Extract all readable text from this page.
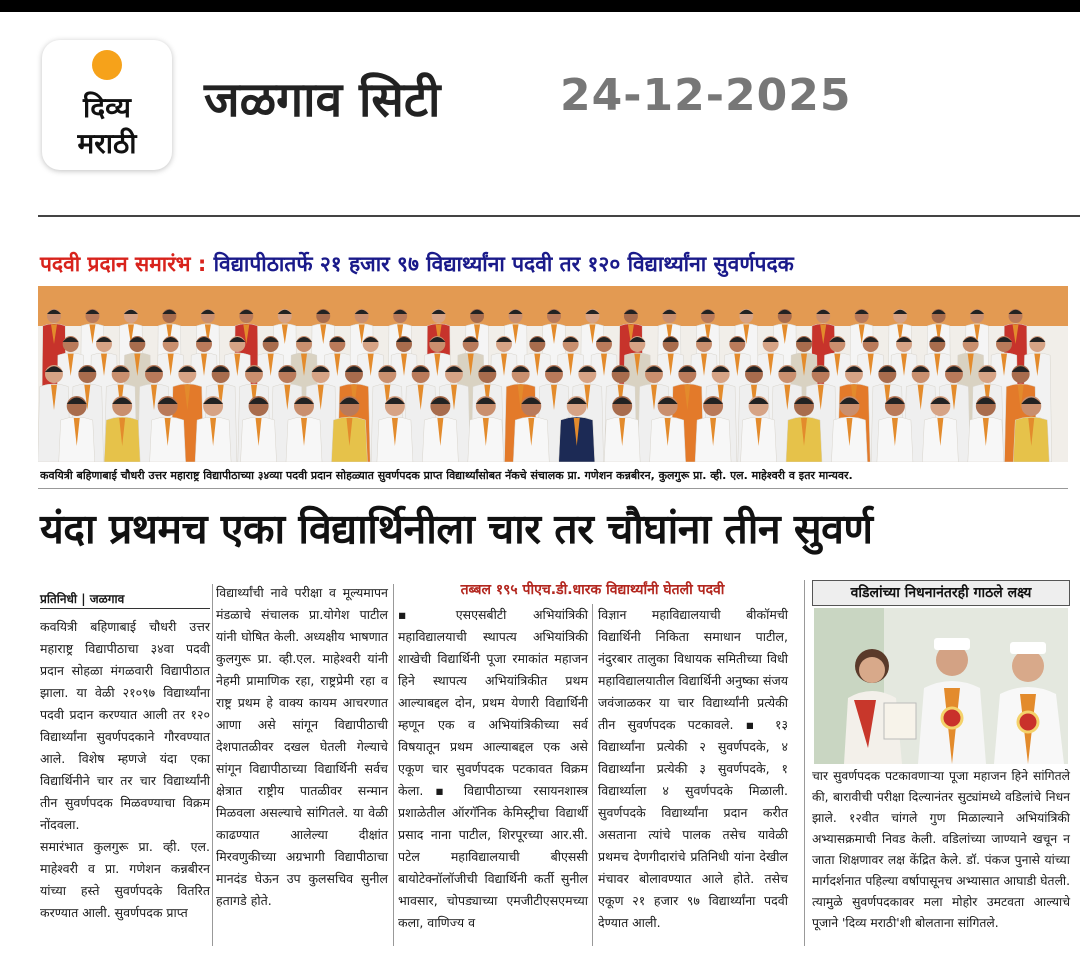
दिव्य
मराठी
जळगाव सिटी	24-12-2025
पदवी प्रदान समारंभ : विद्यापीठातर्फे २१ हजार ९७ विद्यार्थ्यांना पदवी तर १२० विद्यार्थ्यांना सुवर्णपदक
कवयित्री बहिणाबाई चौधरी उत्तर महाराष्ट्र विद्यापीठाच्या ३४व्या पदवी प्रदान सोहळ्यात सुवर्णपदक प्राप्त विद्यार्थ्यांसोबत नॅकचे संचालक प्रा. गणेशन कन्नबीरन, कुलगुरू प्रा. व्ही. एल. माहेश्वरी व इतर मान्यवर.
यंदा प्रथमच एका विद्यार्थिनीला चार तर चौघांना तीन सुवर्ण

प्रतिनिधी | जळगाव

कवयित्री बहिणाबाई चौधरी उत्तर महाराष्ट्र विद्यापीठाचा ३४वा पदवी प्रदान सोहळा मंगळवारी विद्यापीठात झाला. या वेळी २१०९७ विद्यार्थ्यांना पदवी प्रदान करण्यात आली तर १२० विद्यार्थ्यांना सुवर्णपदकाने गौरवण्यात आले. विशेष म्हणजे यंदा एका विद्यार्थिनीने चार तर चार विद्यार्थ्यांनी तीन सुवर्णपदक मिळवण्याचा विक्रम नोंदवला.

समारंभात कुलगुरू प्रा. व्ही. एल. माहेश्वरी व प्रा. गणेशन कन्नबीरन यांच्या हस्ते सुवर्णपदके वितरित करण्यात आली. सुवर्णपदक प्राप्त

विद्यार्थ्यांची नावे परीक्षा व मूल्यमापन मंडळाचे संचालक प्रा.योगेश पाटील यांनी घोषित केली. अध्यक्षीय भाषणात कुलगुरू प्रा. व्ही.एल. माहेश्वरी यांनी नेहमी प्रामाणिक रहा, राष्ट्रप्रेमी रहा व राष्ट्र प्रथम हे वाक्य कायम आचरणात आणा असे सांगून विद्यापीठाची देशपातळीवर दखल घेतली गेल्याचे सांगून विद्यापीठाच्या विद्यार्थिनी सर्वच क्षेत्रात राष्ट्रीय पातळीवर सन्मान मिळवला असल्याचे सांगितले. या वेळी काढण्यात आलेल्या दीक्षांत मिरवणुकीच्या अग्रभागी विद्यापीठाचा मानदंड घेऊन उप कुलसचिव सुनील हतागडे होते.

तब्बल १९५ पीएच.डी.धारक विद्यार्थ्यांनी घेतली पदवी

▪ एसएसबीटी अभियांत्रिकी महाविद्यालयाची स्थापत्य अभियांत्रिकी शाखेची विद्यार्थिनी पूजा रमाकांत महाजन हिने स्थापत्य अभियांत्रिकीत प्रथम आल्याबद्दल दोन, प्रथम येणारी विद्यार्थिनी म्हणून एक व अभियांत्रिकीच्या सर्व विषयातून प्रथम आल्याबद्दल एक असे एकूण चार सुवर्णपदक पटकावत विक्रम केला. ▪ विद्यापीठाच्या रसायनशास्त्र प्रशाळेतील ऑरगॅनिक केमिस्ट्रीचा विद्यार्थी प्रसाद नाना पाटील, शिरपूरच्या आर.सी. पटेल महाविद्यालयाची बीएससी बायोटेक्नॉलॉजीची विद्यार्थिनी कर्ती सुनील भावसार, चोपड्याच्या एमजीटीएसएमच्या कला, वाणिज्य व

विज्ञान महाविद्यालयाची बीकॉमची विद्यार्थिनी निकिता समाधान पाटील, नंदुरबार तालुका विधायक समितीच्या विधी महाविद्यालयातील विद्यार्थिनी अनुष्का संजय जवंजाळकर या चार विद्यार्थ्यांनी प्रत्येकी तीन सुवर्णपदक पटकावले. ▪ १३ विद्यार्थ्यांना प्रत्येकी २ सुवर्णपदके, ४ विद्यार्थ्यांना प्रत्येकी ३ सुवर्णपदके, १ विद्यार्थ्याला ४ सुवर्णपदके मिळाली. सुवर्णपदके विद्यार्थ्यांना प्रदान करीत असताना त्यांचे पालक तसेच यावेळी प्रथमच देणगीदारांचे प्रतिनिधी यांना देखील मंचावर बोलावण्यात आले होते. तसेच एकूण २१ हजार ९७ विद्यार्थ्यांना पदवी देण्यात आली.

वडिलांच्या निधनानंतरही गाठले लक्ष्य

चार सुवर्णपदक पटकावणाऱ्या पूजा महाजन हिने सांगितले की, बारावीची परीक्षा दिल्यानंतर सुट्यांमध्ये वडिलांचे निधन झाले. १२वीत चांगले गुण मिळाल्याने अभियांत्रिकी अभ्यासक्रमाची निवड केली. वडिलांच्या जाण्याने खचून न जाता शिक्षणावर लक्ष केंद्रित केले. डॉ. पंकज पुनासे यांच्या मार्गदर्शनात पहिल्या वर्षापासूनच अभ्यासात आघाडी घेतली. त्यामुळे सुवर्णपदकावर मला मोहोर उमटवता आल्याचे पूजाने 'दिव्य मराठी'शी बोलताना सांगितले.
